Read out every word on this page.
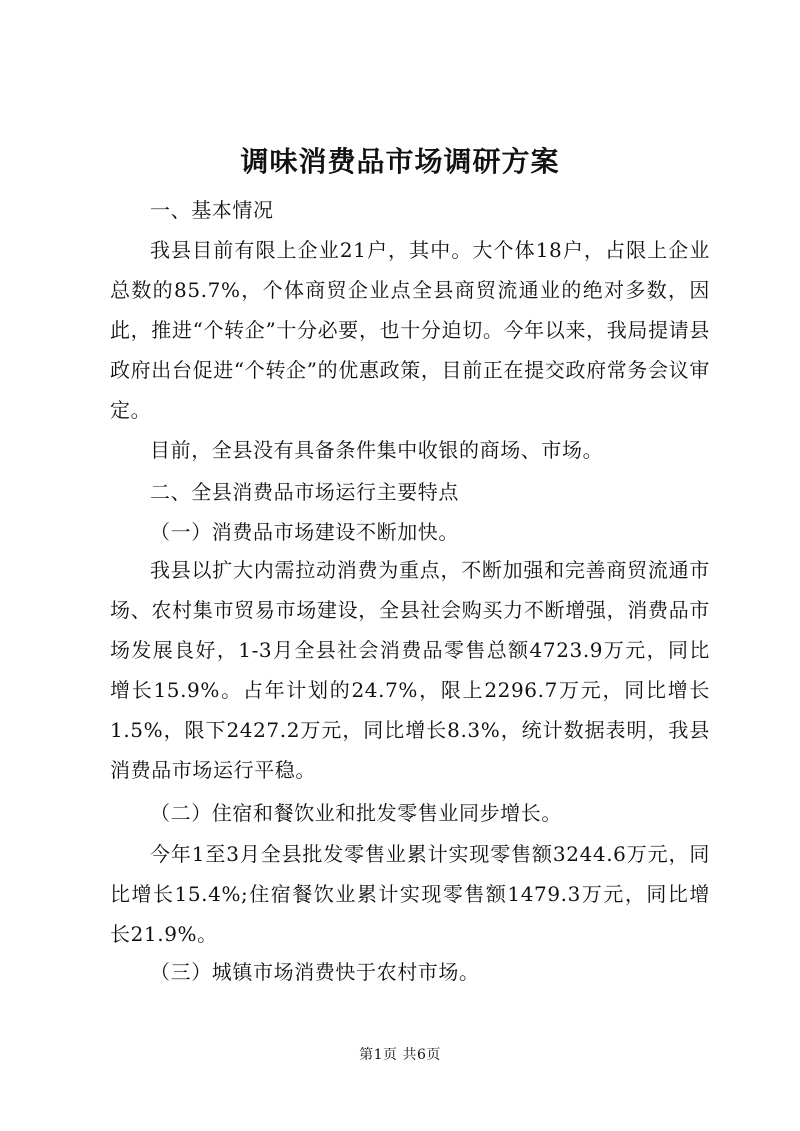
调味消费品市场调研方案
一、基本情况
我县目前有限上企业21户，其中。大个体18户，占限上企业总数的85.7%，个体商贸企业点全县商贸流通业的绝对多数，因此，推进“个转企”十分必要，也十分迫切。今年以来，我局提请县政府出台促进“个转企”的优惠政策，目前正在提交政府常务会议审定。
目前，全县没有具备条件集中收银的商场、市场。
二、全县消费品市场运行主要特点
（一）消费品市场建设不断加快。
我县以扩大内需拉动消费为重点，不断加强和完善商贸流通市场、农村集市贸易市场建设，全县社会购买力不断增强，消费品市场发展良好，1-3月全县社会消费品零售总额4723.9万元，同比增长15.9%。占年计划的24.7%，限上2296.7万元，同比增长1.5%，限下2427.2万元，同比增长8.3%，统计数据表明，我县消费品市场运行平稳。
（二）住宿和餐饮业和批发零售业同步增长。
今年1至3月全县批发零售业累计实现零售额3244.6万元，同比增长15.4%;住宿餐饮业累计实现零售额1479.3万元，同比增长21.9%。
（三）城镇市场消费快于农村市场。
第1页 共6页
